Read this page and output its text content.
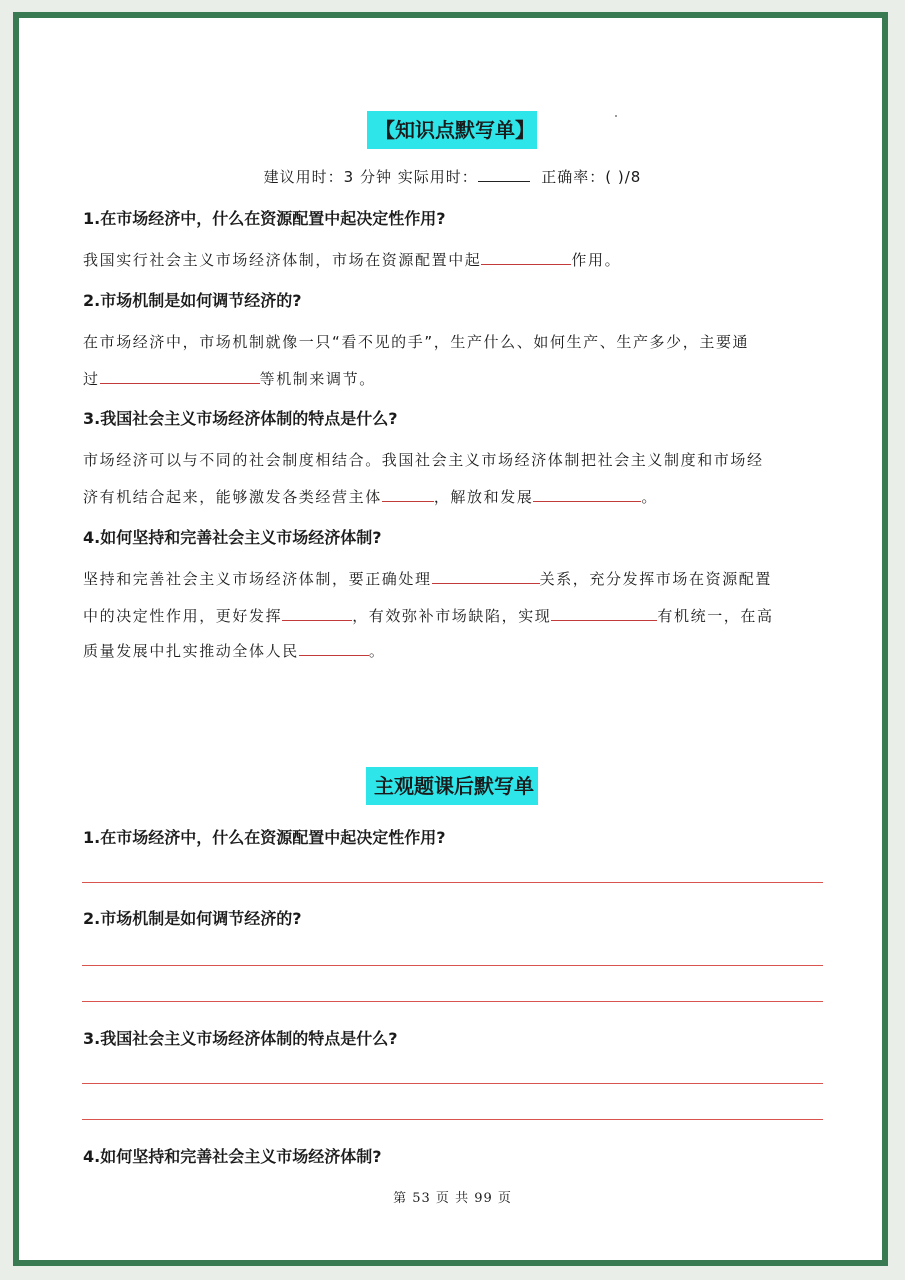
【知识点默写单】
建议用时：3 分钟 实际用时：	正确率：( )/8
1.在市场经济中，什么在资源配置中起决定性作用?
我国实行社会主义市场经济体制，市场在资源配置中起	作用。
2.市场机制是如何调节经济的?
在市场经济中，市场机制就像一只“看不见的手”，生产什么、如何生产、生产多少，主要通
过	等机制来调节。
3.我国社会主义市场经济体制的特点是什么?
市场经济可以与不同的社会制度相结合。我国社会主义市场经济体制把社会主义制度和市场经
济有机结合起来，能够激发各类经营主体	，解放和发展	。
4.如何坚持和完善社会主义市场经济体制?
坚持和完善社会主义市场经济体制，要正确处理	关系，充分发挥市场在资源配置
中的决定性作用，更好发挥	，有效弥补市场缺陷，实现	有机统一，在高
质量发展中扎实推动全体人民	。
主观题课后默写单
1.在市场经济中，什么在资源配置中起决定性作用?
2.市场机制是如何调节经济的?
3.我国社会主义市场经济体制的特点是什么?
4.如何坚持和完善社会主义市场经济体制?
第 53 页 共 99 页
